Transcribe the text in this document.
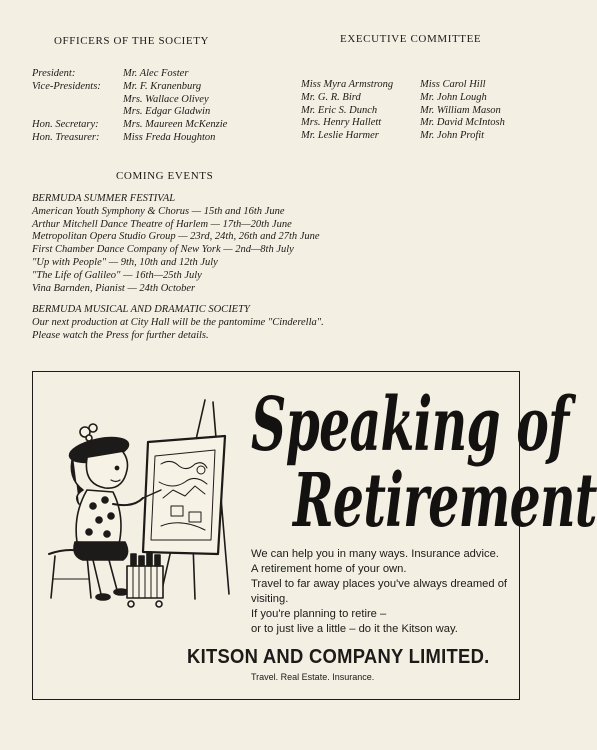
OFFICERS OF THE SOCIETY
President:
Vice-Presidents:

Hon. Secretary:
Hon. Treasurer:
Mr. Alec Foster
Mr. F. Kranenburg
Mrs. Wallace Olivey
Mrs. Edgar Gladwin
Mrs. Maureen McKenzie
Miss Freda Houghton
EXECUTIVE COMMITTEE
Miss Myra Armstrong
Mr. G. R. Bird
Mr. Eric S. Dunch
Mrs. Henry Hallett
Mr. Leslie Harmer
Miss Carol Hill
Mr. John Lough
Mr. William Mason
Mr. David McIntosh
Mr. John Profit
COMING EVENTS
BERMUDA SUMMER FESTIVAL
American Youth Symphony & Chorus — 15th and 16th June
Arthur Mitchell Dance Theatre of Harlem — 17th—20th June
Metropolitan Opera Studio Group — 23rd, 24th, 26th and 27th June
First Chamber Dance Company of New York — 2nd—8th July
"Up with People" — 9th, 10th and 12th July
"The Life of Galileo" — 16th—25th July
Vina Barnden, Pianist — 24th October
BERMUDA MUSICAL AND DRAMATIC SOCIETY
Our next production at City Hall will be the pantomime "Cinderella".
Please watch the Press for further details.
Speaking of
Retirement
We can help you in many ways. Insurance advice.
A retirement home of your own.
Travel to far away places you've always dreamed of
visiting.
If you're planning to retire –
or to just live a little – do it the Kitson way.
KITSON AND COMPANY LIMITED.
Travel. Real Estate. Insurance.
